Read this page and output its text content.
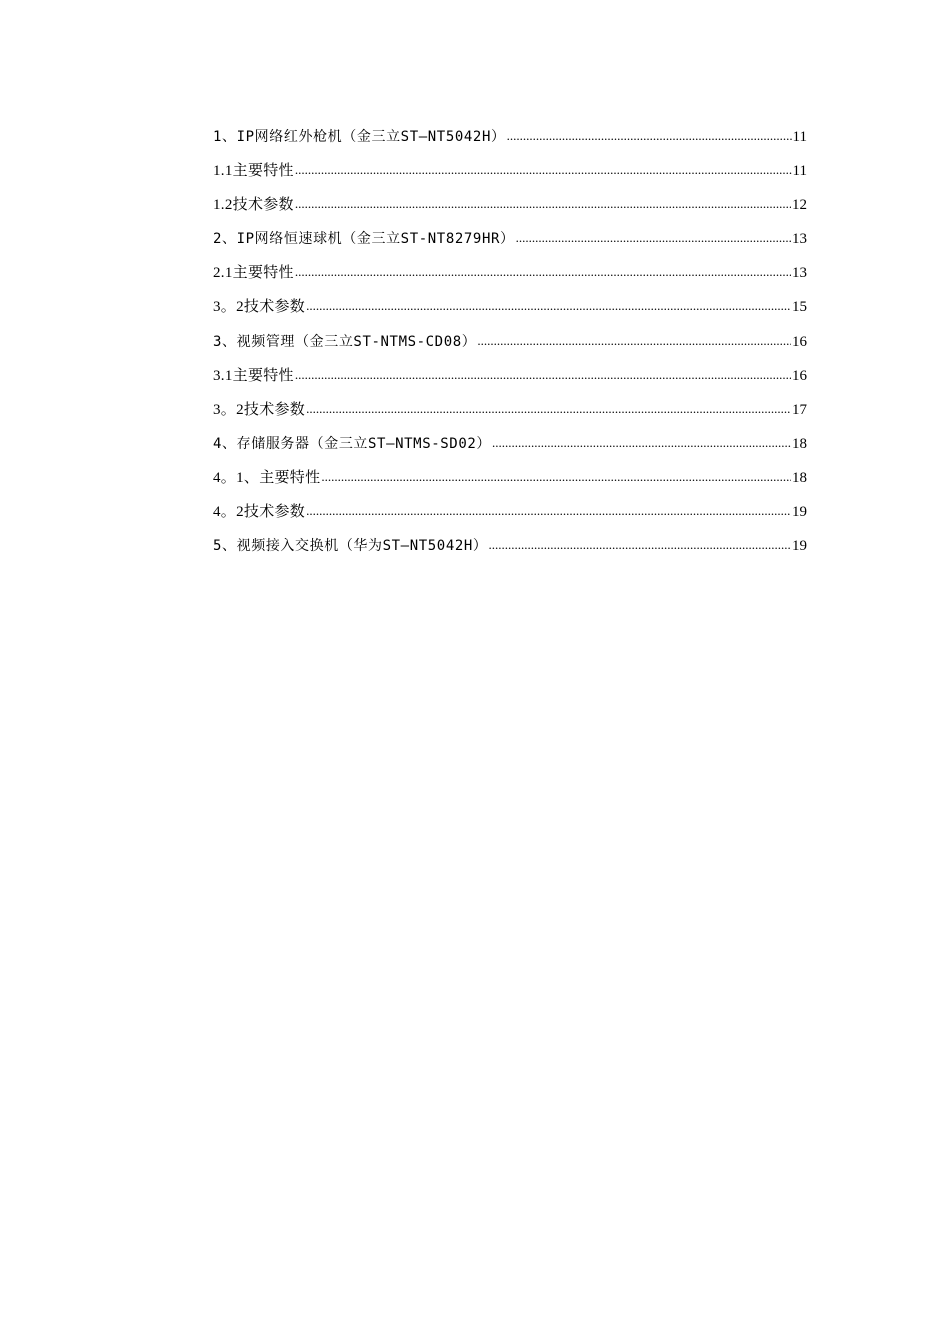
1、IP网络红外枪机（金三立ST—NT5042H） .....	11
1.1主要特性 .....	11
1.2技术参数 .....	12
2、IP网络恒速球机（金三立ST-NT8279HR） .....	13
2.1主要特性 .....	13
3。2技术参数 .....	15
3、视频管理（金三立ST-NTMS-CD08） .....	16
3.1主要特性 .....	16
3。2技术参数 .....	17
4、存储服务器（金三立ST—NTMS-SD02） .....	18
4。1、主要特性 .....	18
4。2技术参数 .....	19
5、视频接入交换机（华为ST—NT5042H） .....	19
